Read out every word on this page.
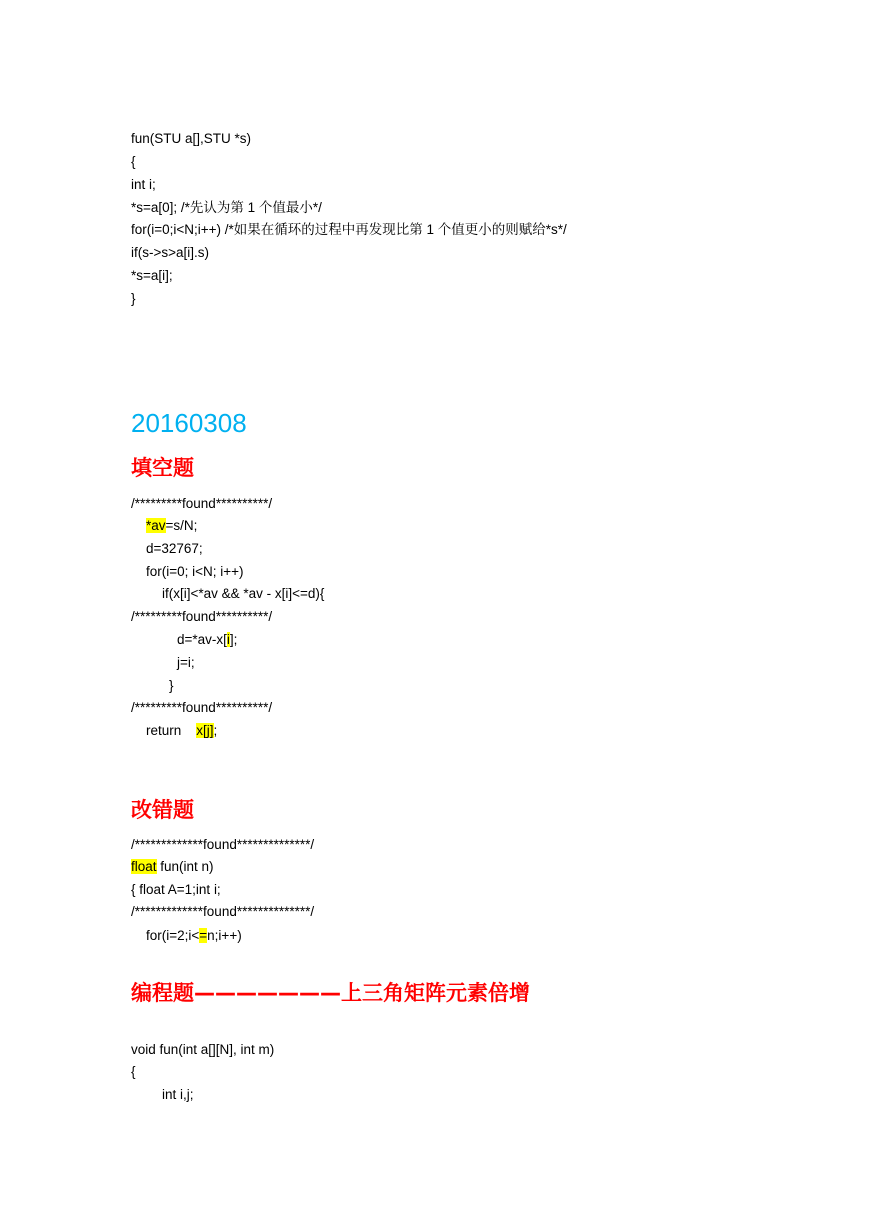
fun(STU a[],STU *s)
{
int i;
*s=a[0]; /*先认为第 1 个值最小*/
for(i=0;i<N;i++) /*如果在循环的过程中再发现比第 1 个值更小的则赋给*s*/
if(s->s>a[i].s)
*s=a[i];
}
20160308
填空题
/*********found**********/
*av=s/N;
d=32767;
for(i=0; i<N; i++)
if(x[i]<*av && *av - x[i]<=d){
/*********found**********/
d=*av-x[i];
j=i;
}
/*********found**********/
return x[j];
改错题
/*************found**************/
float fun(int n)
{ float A=1;int i;
/*************found**************/
for(i=2;i<=n;i++)
编程题———————上三角矩阵元素倍增
void fun(int a[][N], int m)
{
int i,j;
